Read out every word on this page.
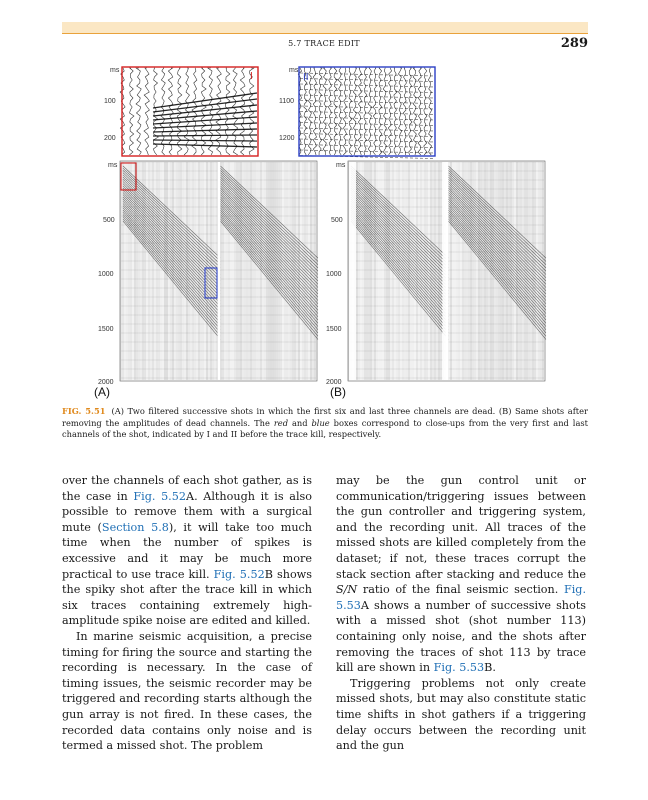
5.7 TRACE EDIT	289
I
ms
100
200
II
ms
1100
1200
ms
500
1000
1500
2000
(A)
ms
500
1000
1500
2000
(B)
FIG. 5.51 (A) Two filtered successive shots in which the first six and last three channels are dead. (B) Same shots after removing the amplitudes of dead channels. The red and blue boxes correspond to close-ups from the very first and last channels of the shot, indicated by I and II before the trace kill, respectively.

over the channels of each shot gather, as is the case in Fig. 5.52A. Although it is also possible to remove them with a surgical mute (Section 5.8), it will take too much time when the number of spikes is excessive and it may be much more practical to use trace kill. Fig. 5.52B shows the spiky shot after the trace kill in which six traces containing extremely high-amplitude spike noise are edited and killed.

In marine seismic acquisition, a precise timing for firing the source and starting the recording is necessary. In the case of timing issues, the seismic recorder may be triggered and recording starts although the gun array is not fired. In these cases, the recorded data contains only noise and is termed a missed shot. The problem

may be the gun control unit or communication/triggering issues between the gun controller and triggering system, and the recording unit. All traces of the missed shots are killed completely from the dataset; if not, these traces corrupt the stack section after stacking and reduce the S/N ratio of the final seismic section. Fig. 5.53A shows a number of successive shots with a missed shot (shot number 113) containing only noise, and the shots after removing the traces of shot 113 by trace kill are shown in Fig. 5.53B.

Triggering problems not only create missed shots, but may also constitute static time shifts in shot gathers if a triggering delay occurs between the recording unit and the gun
